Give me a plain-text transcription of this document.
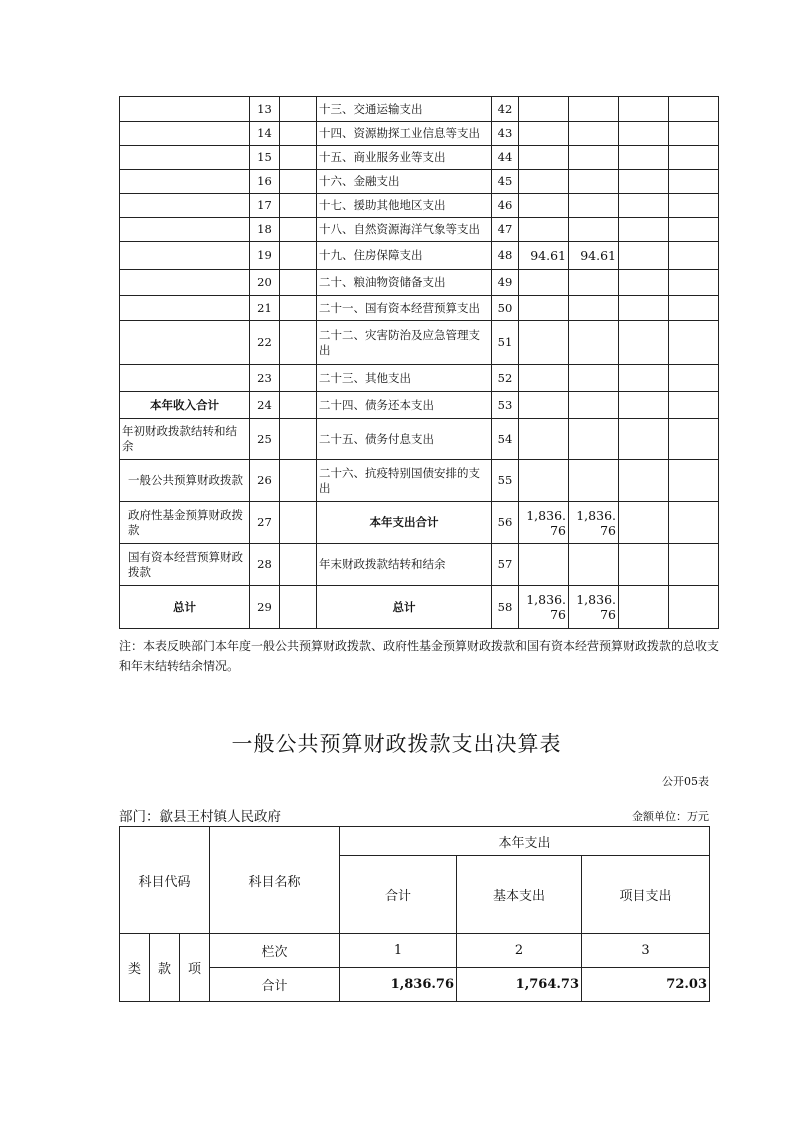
	13		十三、交通运输支出	42				
	14		十四、资源勘探工业信息等支出	43				
	15		十五、商业服务业等支出	44				
	16		十六、金融支出	45				
	17		十七、援助其他地区支出	46				
	18		十八、自然资源海洋气象等支出	47				
	19		十九、住房保障支出	48	94.61	94.61		
	20		二十、粮油物资储备支出	49				
	21		二十一、国有资本经营预算支出	50				
	22		二十二、灾害防治及应急管理支出	51				
	23		二十三、其他支出	52				
本年收入合计	24		二十四、债务还本支出	53				
年初财政拨款结转和结余	25		二十五、债务付息支出	54				
一般公共预算财政拨款	26		二十六、抗疫特别国债安排的支出	55				
政府性基金预算财政拨款	27		本年支出合计	56	1,836.76	1,836.76		
国有资本经营预算财政拨款	28		年末财政拨款结转和结余	57				
总计	29		总计	58	1,836.76	1,836.76		
注：本表反映部门本年度一般公共预算财政拨款、政府性基金预算财政拨款和国有资本经营预算财政拨款的总收支和年末结转结余情况。
一般公共预算财政拨款支出决算表
公开05表
部门：歙县王村镇人民政府	金额单位：万元
科目代码			科目名称	本年支出		
				合计	基本支出	项目支出
类	款	项	栏次	1	2	3
			合计	1,836.76	1,764.73	72.03
